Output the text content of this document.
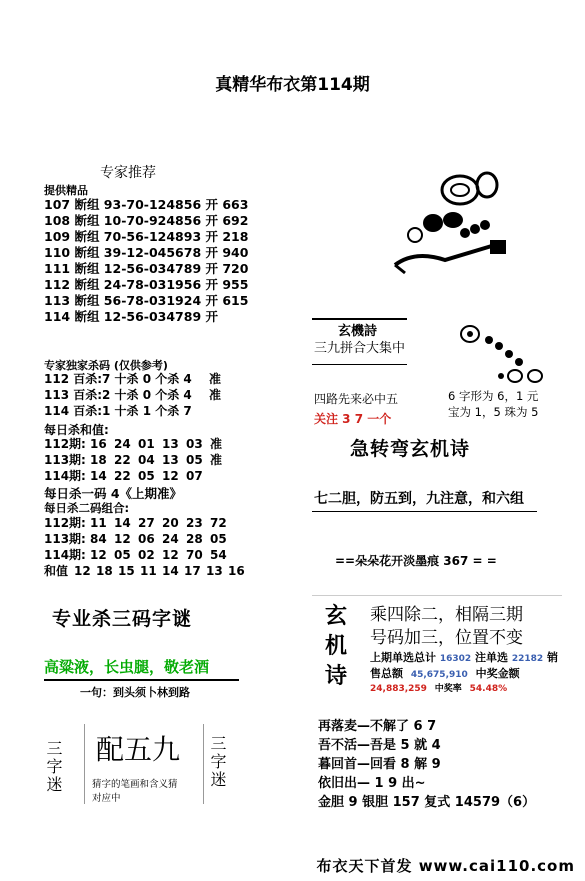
真精华布衣第114期
专家推荐
提供精品
107 断组 93-70-124856 开 663
108 断组 10-70-924856 开 692
109 断组 70-56-124893 开 218
110 断组 39-12-045678 开 940
111 断组 12-56-034789 开 720
112 断组 24-78-031956 开 955
113 断组 56-78-031924 开 615
114 断组 12-56-034789 开
专家独家杀码 (仅供参考)
112 百杀:7 十杀 0 个杀 4	准
113 百杀:2 十杀 0 个杀 4	准
114 百杀:1 十杀 1 个杀 7
每日杀和值:
112期: 16 24 01 13 03 准
113期: 18 22 04 13 05 准
114期: 14 22 05 12 07
每日杀一码 4《上期准》
每日杀二码组合:
112期: 11 14 27 20 23 72
113期: 84 12 06 24 28 05
114期: 12 05 02 12 70 54
和值 12 18 15 11 14 17 13 16
专业杀三码字谜
高粱液，长虫腿，敬老酒
一句：到头须卜林到路
三字迷 配五九
猜字的笔画和含义猜
对应中
三字迷
玄機詩
三九拼合大集中
四路先来必中五
关注 3 7 一个
6 字形为 6，1 元
宝为 1，5 珠为 5
急转弯玄机诗
七二胆，防五到，九注意，和六组
==朵朵花开淡墨痕 367 = =
玄
机
诗
乘四除二，相隔三期
号码加三，位置不变
上期单选总计 16302 注单选 22182 销
售总额 45,675,910 中奖金额
24,883,259 中奖率 54.48%
再落麦—不解了 6 7
吾不活—吾是 5 就 4
暮回首—回看 8 解 9
依旧出— 1 9 出~
金胆 9 银胆 157 复式 14579（6）
布衣天下首发 www.cai110.com
